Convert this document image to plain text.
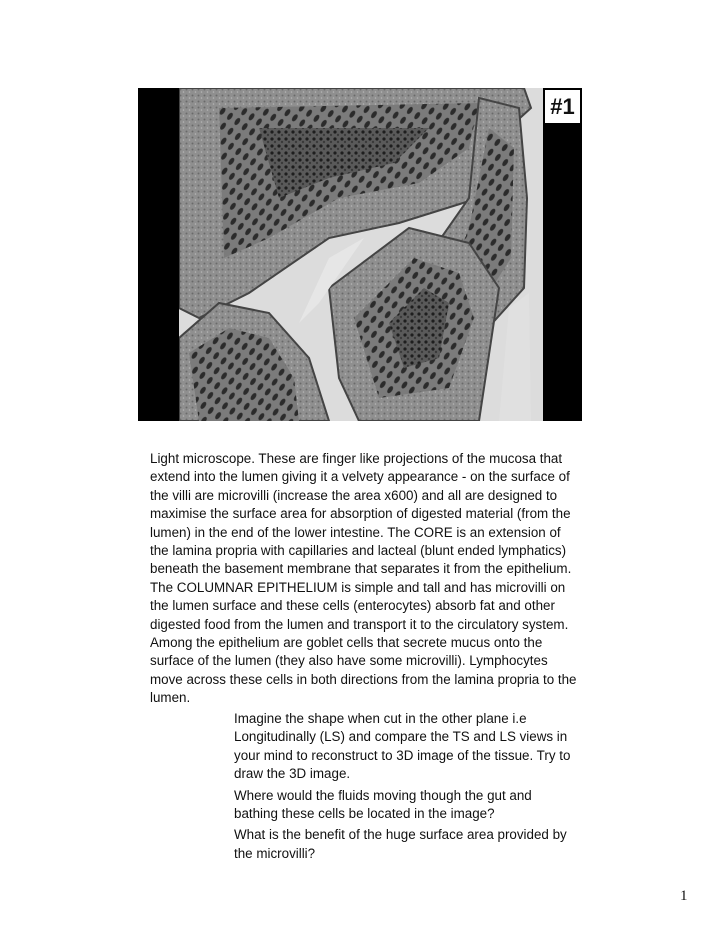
#1

Light microscope. These are finger like projections of the mucosa that extend into the lumen giving it a velvety appearance - on the surface of the villi are microvilli (increase the area x600) and all are designed to maximise the surface area for absorption of digested material (from the lumen) in the end of the lower intestine. The CORE is an extension of the lamina propria with capillaries and lacteal (blunt ended lymphatics) beneath the basement membrane that separates it from the epithelium. The COLUMNAR EPITHELIUM is simple and tall and has microvilli on the lumen surface and these cells (enterocytes) absorb fat and other digested food from the lumen and transport it to the circulatory system. Among the epithelium are goblet cells that secrete mucus onto the surface of the lumen (they also have some microvilli). Lymphocytes move across these cells in both directions from the lamina propria to the lumen.

Imagine the shape when cut in the other plane i.e Longitudinally (LS) and compare the TS and LS views in your mind to reconstruct to 3D image of the tissue. Try to draw the 3D image.

Where would the fluids moving though the gut and bathing these cells be located in the image?

What is the benefit of the huge surface area provided by the microvilli?

1
